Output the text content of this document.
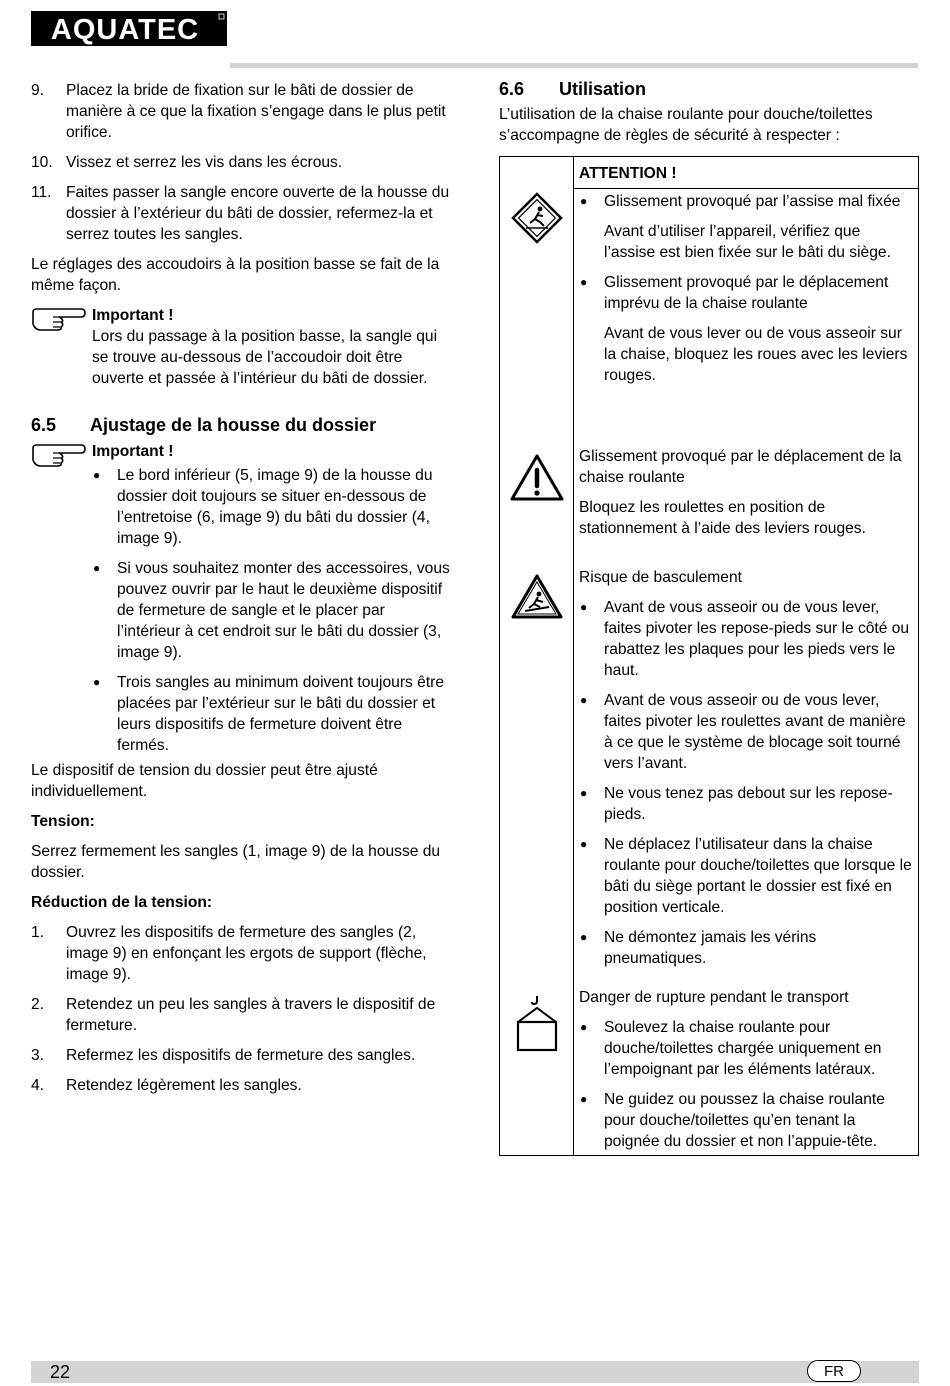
AQUATEC
9. Placez la bride de fixation sur le bâti de dossier de manière à ce que la fixation s’engage dans le plus petit orifice.
10. Vissez et serrez les vis dans les écrous.
11. Faites passer la sangle encore ouverte de la housse du dossier à l’extérieur du bâti de dossier, refermez-la et serrez toutes les sangles.

Le réglages des accoudoirs à la position basse se fait de la même façon.

Important !
Lors du passage à la position basse, la sangle qui se trouve au-dessous de l’accoudoir doit être ouverte et passée à l’intérieur du bâti de dossier.
6.5	Ajustage de la housse du dossier
Important !
● Le bord inférieur (5, image 9) de la housse du dossier doit toujours se situer en-dessous de l’entretoise (6, image 9) du bâti du dossier (4, image 9).
● Si vous souhaitez monter des accessoires, vous pouvez ouvrir par le haut le deuxième dispositif de fermeture de sangle et le placer par l’intérieur à cet endroit sur le bâti du dossier (3, image 9).
● Trois sangles au minimum doivent toujours être placées par l’extérieur sur le bâti du dossier et leurs dispositifs de fermeture doivent être fermés.

Le dispositif de tension du dossier peut être ajusté individuellement.

Tension:

Serrez fermement les sangles (1, image 9) de la housse du dossier.

Réduction de la tension:

1. Ouvrez les dispositifs de fermeture des sangles (2, image 9) en enfonçant les ergots de support (flèche, image 9).
2. Retendez un peu les sangles à travers le dispositif de fermeture.
3. Refermez les dispositifs de fermeture des sangles.
4. Retendez légèrement les sangles.
6.6	Utilisation

L’utilisation de la chaise roulante pour douche/toilettes s’accompagne de règles de sécurité à respecter :

ATTENTION !
● Glissement provoqué par l’assise mal fixée
Avant d’utiliser l’appareil, vérifiez que l’assise est bien fixée sur le bâti du siège.
● Glissement provoqué par le déplacement imprévu de la chaise roulante
Avant de vous lever ou de vous asseoir sur la chaise, bloquez les roues avec les leviers rouges.

Glissement provoqué par le déplacement de la chaise roulante

Bloquez les roulettes en position de stationnement à l’aide des leviers rouges.

Risque de basculement

● Avant de vous asseoir ou de vous lever, faites pivoter les repose-pieds sur le côté ou rabattez les plaques pour les pieds vers le haut.
● Avant de vous asseoir ou de vous lever, faites pivoter les roulettes avant de manière à ce que le système de blocage soit tourné vers l’avant.
● Ne vous tenez pas debout sur les repose-pieds.
● Ne déplacez l’utilisateur dans la chaise roulante pour douche/toilettes que lorsque le bâti du siège portant le dossier est fixé en position verticale.
● Ne démontez jamais les vérins pneumatiques.

Danger de rupture pendant le transport

● Soulevez la chaise roulante pour douche/toilettes chargée uniquement en l’empoignant par les éléments latéraux.
● Ne guidez ou poussez la chaise roulante pour douche/toilettes qu’en tenant la poignée du dossier et non l’appuie-tête.
22	FR
